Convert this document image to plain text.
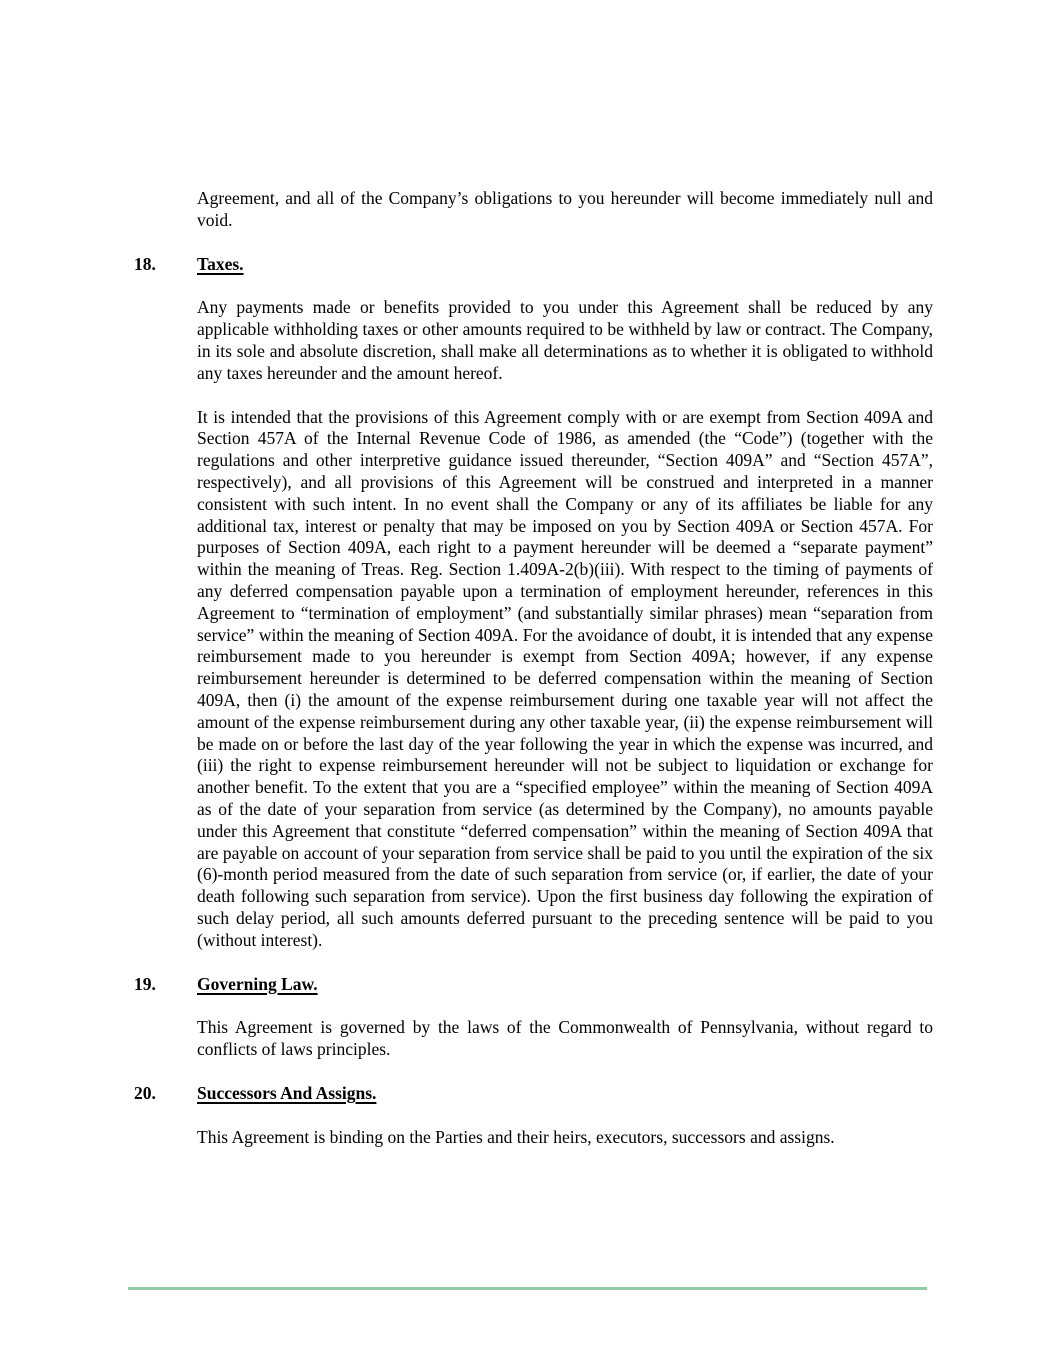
Agreement, and all of the Company’s obligations to you hereunder will become immediately null and void.

18. Taxes.

Any payments made or benefits provided to you under this Agreement shall be reduced by any applicable withholding taxes or other amounts required to be withheld by law or contract. The Company, in its sole and absolute discretion, shall make all determinations as to whether it is obligated to withhold any taxes hereunder and the amount hereof.

It is intended that the provisions of this Agreement comply with or are exempt from Section 409A and Section 457A of the Internal Revenue Code of 1986, as amended (the “Code”) (together with the regulations and other interpretive guidance issued thereunder, “Section 409A” and “Section 457A”, respectively), and all provisions of this Agreement will be construed and interpreted in a manner consistent with such intent. In no event shall the Company or any of its affiliates be liable for any additional tax, interest or penalty that may be imposed on you by Section 409A or Section 457A. For purposes of Section 409A, each right to a payment hereunder will be deemed a “separate payment” within the meaning of Treas. Reg. Section 1.409A-2(b)(iii). With respect to the timing of payments of any deferred compensation payable upon a termination of employment hereunder, references in this Agreement to “termination of employment” (and substantially similar phrases) mean “separation from service” within the meaning of Section 409A. For the avoidance of doubt, it is intended that any expense reimbursement made to you hereunder is exempt from Section 409A; however, if any expense reimbursement hereunder is determined to be deferred compensation within the meaning of Section 409A, then (i) the amount of the expense reimbursement during one taxable year will not affect the amount of the expense reimbursement during any other taxable year, (ii) the expense reimbursement will be made on or before the last day of the year following the year in which the expense was incurred, and (iii) the right to expense reimbursement hereunder will not be subject to liquidation or exchange for another benefit. To the extent that you are a “specified employee” within the meaning of Section 409A as of the date of your separation from service (as determined by the Company), no amounts payable under this Agreement that constitute “deferred compensation” within the meaning of Section 409A that are payable on account of your separation from service shall be paid to you until the expiration of the six (6)-month period measured from the date of such separation from service (or, if earlier, the date of your death following such separation from service). Upon the first business day following the expiration of such delay period, all such amounts deferred pursuant to the preceding sentence will be paid to you (without interest).

19. Governing Law.

This Agreement is governed by the laws of the Commonwealth of Pennsylvania, without regard to conflicts of laws principles.

20. Successors And Assigns.

This Agreement is binding on the Parties and their heirs, executors, successors and assigns.
